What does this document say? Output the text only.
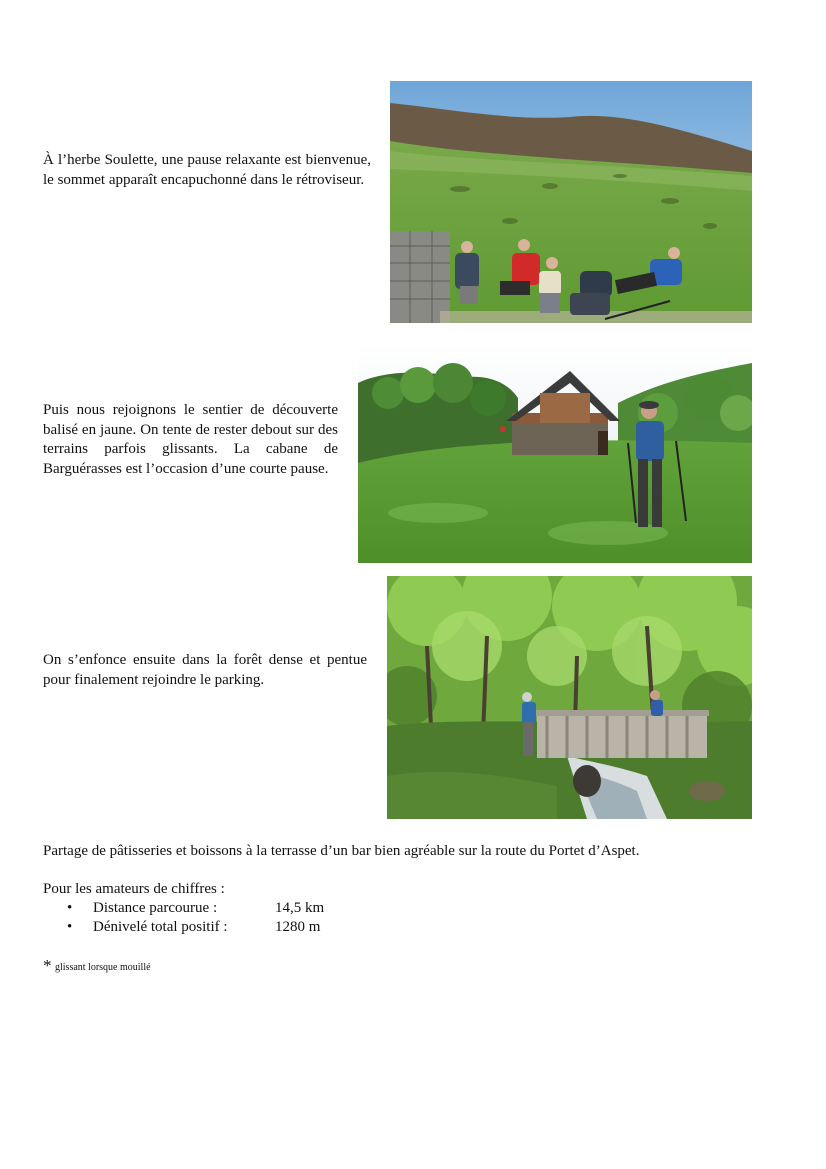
À l’herbe Soulette, une pause relaxante est bienvenue, le sommet apparaît encapuchonné dans le rétroviseur.
Puis nous rejoignons le sentier de découverte balisé en jaune. On tente de rester debout sur des terrains parfois glissants. La cabane de Barguérasses est l’occasion d’une courte pause.
On s’enfonce ensuite dans la forêt dense et pentue pour finalement rejoindre le parking.
Partage de pâtisseries et boissons à la terrasse d’un bar bien agréable sur la route du Portet d’Aspet.
Pour les amateurs de chiffres :
• Distance parcourue :	14,5 km
• Dénivelé total positif :	1280 m
* glissant lorsque mouillé
